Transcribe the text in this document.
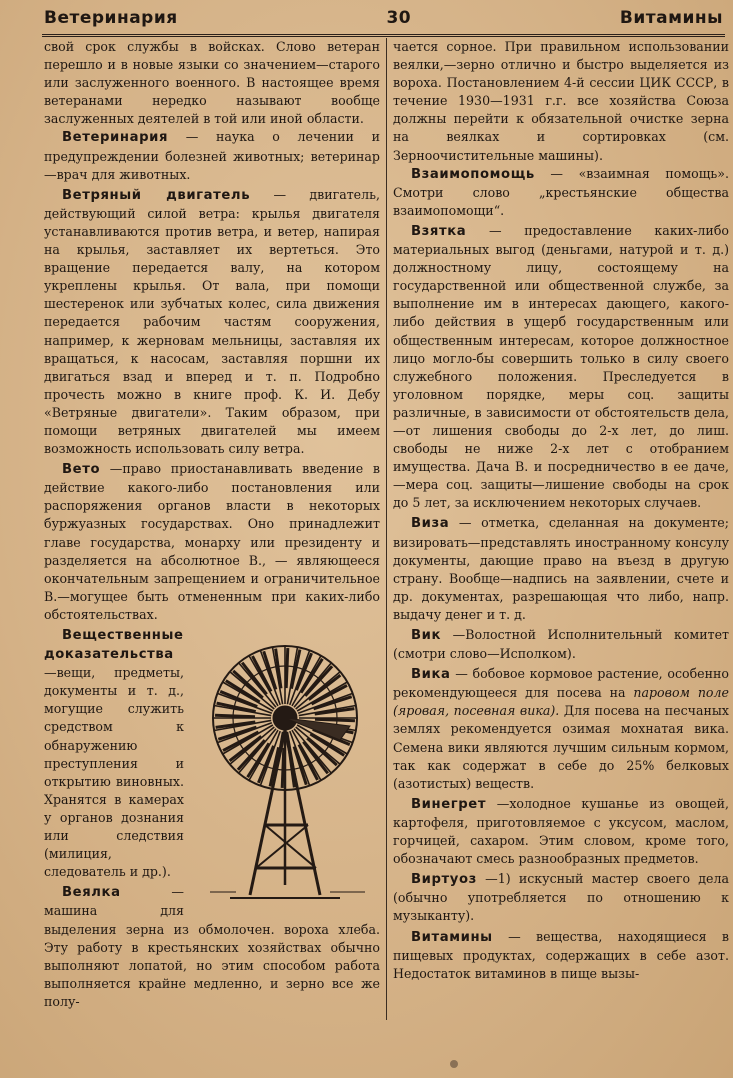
Ветеринария	30	Витамины

свой срок службы в войсках. Слово ветеран перешло и в новые языки со значением—старого или заслуженного военного. В настоящее время ветеранами нередко называют вообще заслуженных деятелей в той или иной области.

Ветеринария — наука о лечении и предупреждении болезней животных; ветеринар—врач для животных.

Ветряный двигатель — двигатель, действующий силой ветра: крылья двигателя устанавливаются против ветра, и ветер, напирая на крылья, заставляет их вертеться. Это вращение передается валу, на котором укреплены крылья. От вала, при помощи шестеренок или зубчатых колес, сила движения передается рабочим частям сооружения, например, к жерновам мельницы, заставляя их вращаться, к насосам, заставляя поршни их двигаться взад и вперед и т. п. Подробно прочесть можно в книге проф. К. И. Дебу «Ветряные двигатели». Таким образом, при помощи ветряных двигателей мы имеем возможность использовать силу ветра.

Вето —право приостанавливать введение в действие какого-либо постановления или распоряжения органов власти в некоторых буржуазных государствах. Оно принадлежит главе государства, монарху или президенту и разделяется на абсолютное В., — являющееся окончательным запрещением и ограничительное В.—могущее быть отмененным при каких-либо обстоятельствах.

Вещественные доказательства —вещи, предметы, документы и т. д., могущие служить средством к обнаружению преступления и открытию виновных. Хранятся в камерах у органов дознания или следствия (милиция, следователь и др.).

Веялка	—машина для выделения зерна из обмолочен. вороха хлеба. Эту работу в крестьянских хозяйствах обычно выполняют лопатой, но этим способом работа выполняется крайне медленно, и зерно все же полу-

чается сорное. При правильном использовании веялки,—зерно отлично и быстро выделяется из вороха. Постановлением 4-й сессии ЦИК СССР, в течение 1930—1931 г.г. все хозяйства Союза должны перейти к обязательной очистке зерна на веялках и сортировках (см. Зерноочистительные машины).

Взаимопомощь — «взаимная помощь». Смотри слово „крестьянские общества взаимопомощи“.

Взятка — предоставление каких-либо материальных выгод (деньгами, натурой и т. д.) должностному лицу, состоящему на государственной или общественной службе, за выполнение им в интересах дающего, какого-либо действия в ущерб государственным или общественным интересам, которое должностное лицо могло-бы совершить только в силу своего служебного положения. Преследуется в уголовном порядке, меры соц. защиты различные, в зависимости от обстоятельств дела,—от лишения свободы до 2-х лет, до лиш. свободы не ниже 2-х лет с отобранием имущества. Дача В. и посредничество в ее даче,—мера соц. защиты—лишение свободы на срок до 5 лет, за исключением некоторых случаев.

Виза — отметка, сделанная на документе; визировать—представлять иностранному консулу документы, дающие право на въезд в другую страну. Вообще—надпись на заявлении, счете и др. документах, разрешающая что либо, напр. выдачу денег и т. д.

Вик —Волостной Исполнительный комитет (смотри слово—Исполком).

Вика — бобовое кормовое растение, особенно рекомендующееся для посева на паровом поле (яровая, посевная вика). Для посева на песчаных землях рекомендуется озимая мохнатая вика. Семена вики являются лучшим сильным кормом, так как содержат в себе до 25% белковых (азотистых) веществ.

Винегрет —холодное кушанье из овощей, картофеля, приготовляемое с уксусом, маслом, горчицей, сахаром. Этим словом, кроме того, обозначают смесь разнообразных предметов.

Виртуоз —1) искусный мастер своего дела (обычно употребляется по отношению к музыканту).

Витамины — вещества, находящиеся в пищевых продуктах, содержащих в себе азот. Недостаток витаминов в пище вызы-
